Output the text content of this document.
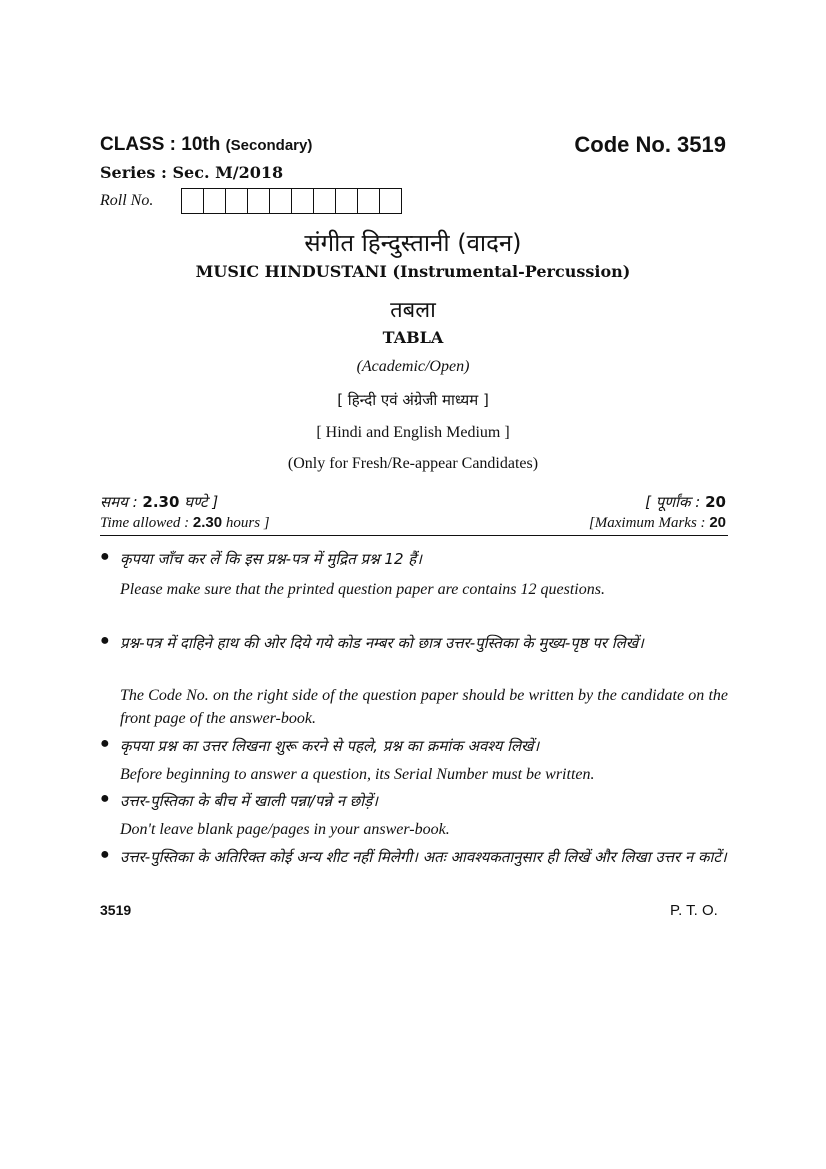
CLASS : 10th (Secondary)	Code No. 3519
Series : Sec. M/2018
Roll No.
संगीत हिन्दुस्तानी (वादन)
MUSIC HINDUSTANI (Instrumental-Percussion)
तबला
TABLA
(Academic/Open)
[ हिन्दी एवं अंग्रेजी माध्यम ]
[ Hindi and English Medium ]
(Only for Fresh/Re-appear Candidates)
समय : 2.30 घण्टे ]	[ पूर्णांक : 20
Time allowed : 2.30 hours ]	[Maximum Marks : 20
● कृपया जाँच कर लें कि इस प्रश्न-पत्र में मुद्रित प्रश्न 12 हैं।
Please make sure that the printed question paper are contains 12 questions.
● प्रश्न-पत्र में दाहिने हाथ की ओर दिये गये कोड नम्बर को छात्र उत्तर-पुस्तिका के मुख्य-पृष्ठ पर लिखें।
The Code No. on the right side of the question paper should be written by the candidate on the front page of the answer-book.
● कृपया प्रश्न का उत्तर लिखना शुरू करने से पहले, प्रश्न का क्रमांक अवश्य लिखें।
Before beginning to answer a question, its Serial Number must be written.
● उत्तर-पुस्तिका के बीच में खाली पन्ना/पन्ने न छोड़ें।
Don't leave blank page/pages in your answer-book.
● उत्तर-पुस्तिका के अतिरिक्त कोई अन्य शीट नहीं मिलेगी। अतः आवश्यकतानुसार ही लिखें और लिखा उत्तर न काटें।
3519	P. T. O.
